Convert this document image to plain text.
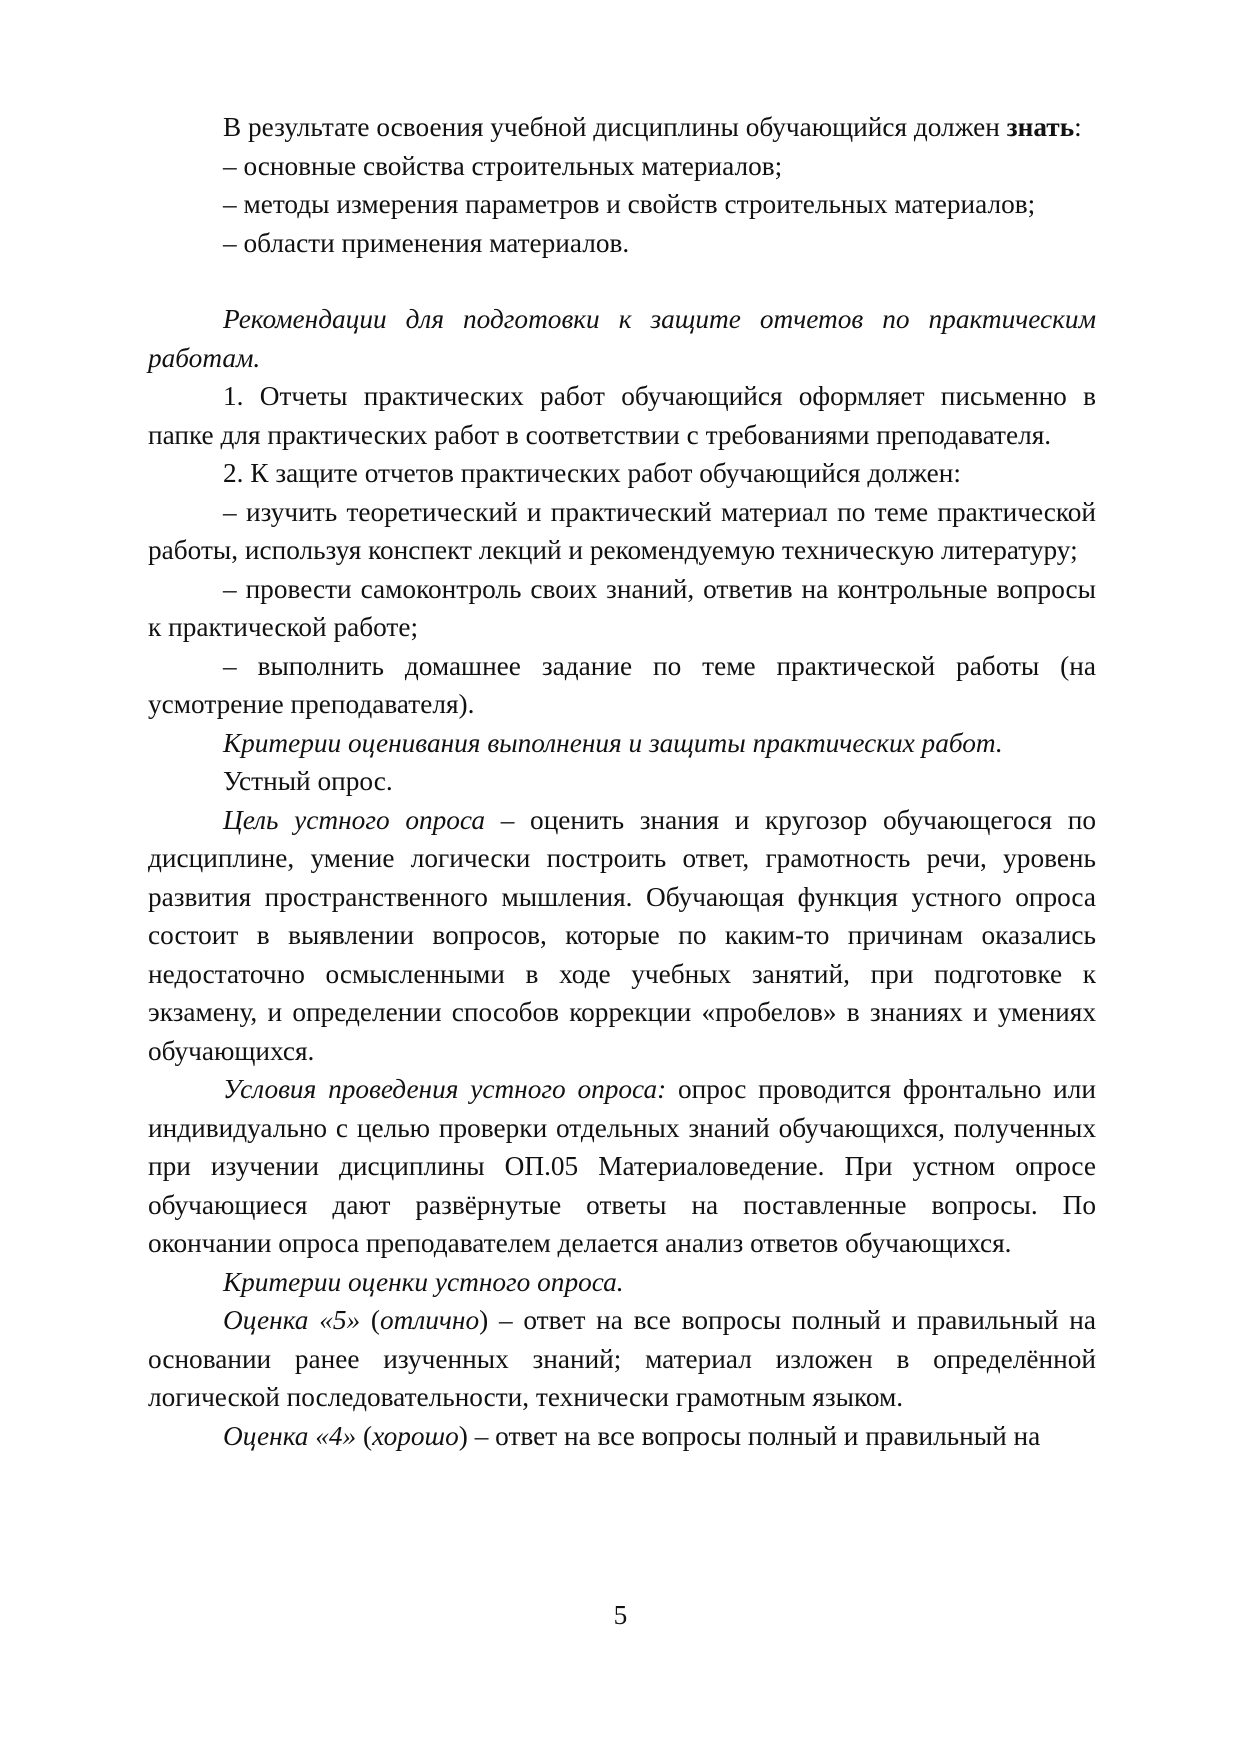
В результате освоения учебной дисциплины обучающийся должен знать:

– основные свойства строительных материалов;

– методы измерения параметров и свойств строительных материалов;

– области применения материалов.

Рекомендации для подготовки к защите отчетов по практическим работам.

1. Отчеты практических работ обучающийся оформляет письменно в папке для практических работ в соответствии с требованиями преподавателя.

2. К защите отчетов практических работ обучающийся должен:

– изучить теоретический и практический материал по теме практической работы, используя конспект лекций и рекомендуемую техническую литературу;

– провести самоконтроль своих знаний, ответив на контрольные вопросы к практической работе;

– выполнить домашнее задание по теме практической работы (на усмотрение преподавателя).

Критерии оценивания выполнения и защиты практических работ.

Устный опрос.

Цель устного опроса – оценить знания и кругозор обучающегося по дисциплине, умение логически построить ответ, грамотность речи, уровень развития пространственного мышления. Обучающая функция устного опроса состоит в выявлении вопросов, которые по каким-то причинам оказались недостаточно осмысленными в ходе учебных занятий, при подготовке к экзамену, и определении способов коррекции «пробелов» в знаниях и умениях обучающихся.

Условия проведения устного опроса: опрос проводится фронтально или индивидуально с целью проверки отдельных знаний обучающихся, полученных при изучении дисциплины ОП.05 Материаловедение. При устном опросе обучающиеся дают развёрнутые ответы на поставленные вопросы. По окончании опроса преподавателем делается анализ ответов обучающихся.

Критерии оценки устного опроса.

Оценка «5» (отлично) – ответ на все вопросы полный и правильный на основании ранее изученных знаний; материал изложен в определённой логической последовательности, технически грамотным языком.

Оценка «4» (хорошо) – ответ на все вопросы полный и правильный на

5
